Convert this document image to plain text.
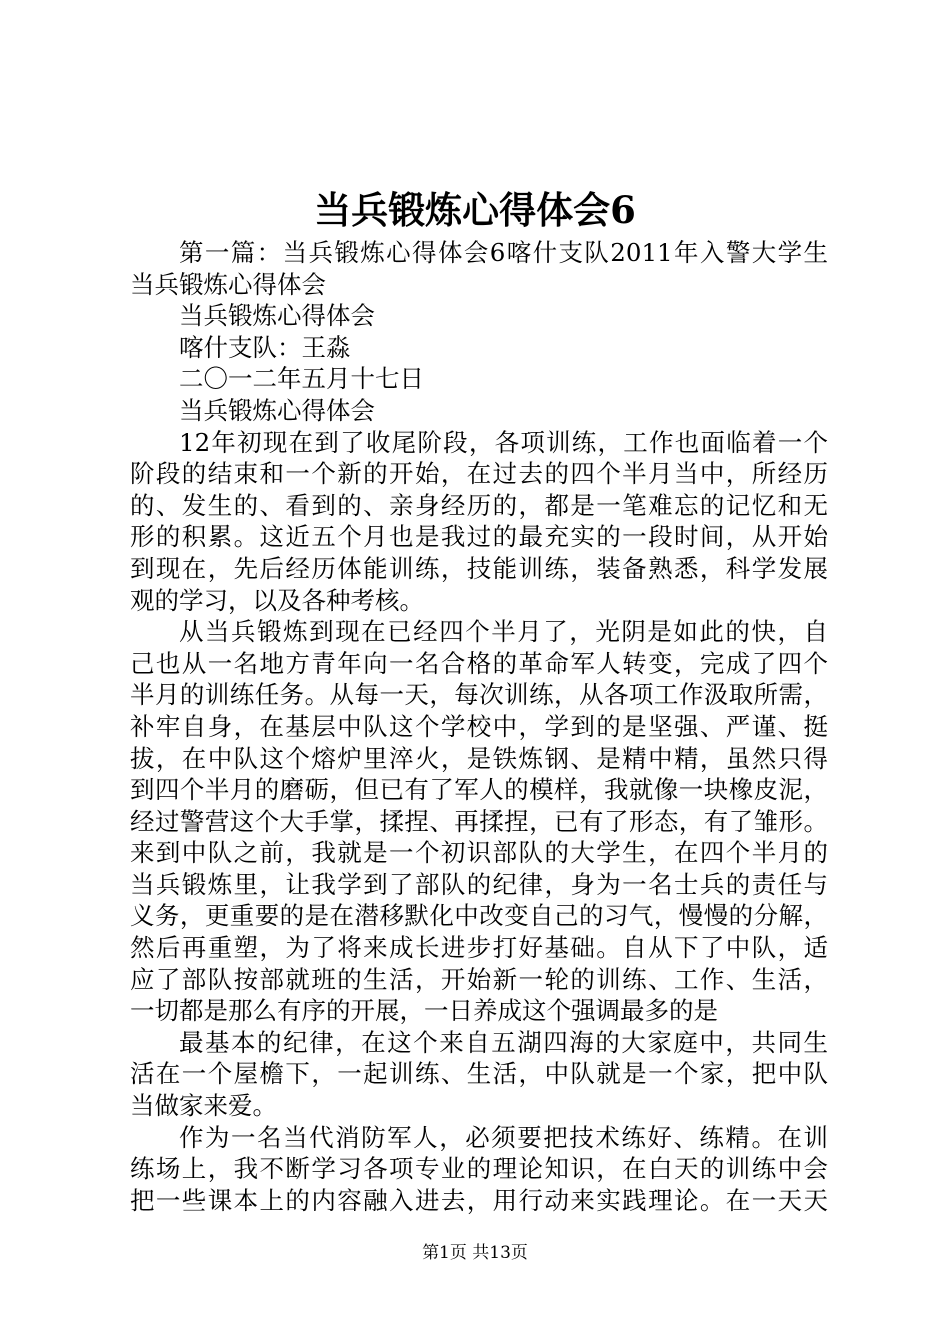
当兵锻炼心得体会6
第一篇：当兵锻炼心得体会6喀什支队2011年入警大学生
当兵锻炼心得体会
当兵锻炼心得体会
喀什支队：王淼
二〇一二年五月十七日
当兵锻炼心得体会
12年初现在到了收尾阶段，各项训练，工作也面临着一个
阶段的结束和一个新的开始，在过去的四个半月当中，所经历
的、发生的、看到的、亲身经历的，都是一笔难忘的记忆和无
形的积累。这近五个月也是我过的最充实的一段时间，从开始
到现在，先后经历体能训练，技能训练，装备熟悉，科学发展
观的学习，以及各种考核。
从当兵锻炼到现在已经四个半月了，光阴是如此的快，自
己也从一名地方青年向一名合格的革命军人转变，完成了四个
半月的训练任务。从每一天，每次训练，从各项工作汲取所需，
补牢自身，在基层中队这个学校中，学到的是坚强、严谨、挺
拔，在中队这个熔炉里淬火，是铁炼钢、是精中精，虽然只得
到四个半月的磨砺，但已有了军人的模样，我就像一块橡皮泥，
经过警营这个大手掌，揉捏、再揉捏，已有了形态，有了雏形。
来到中队之前，我就是一个初识部队的大学生，在四个半月的
当兵锻炼里，让我学到了部队的纪律，身为一名士兵的责任与
义务，更重要的是在潜移默化中改变自己的习气，慢慢的分解，
然后再重塑，为了将来成长进步打好基础。自从下了中队，适
应了部队按部就班的生活，开始新一轮的训练、工作、生活，
一切都是那么有序的开展，一日养成这个强调最多的是
最基本的纪律，在这个来自五湖四海的大家庭中，共同生
活在一个屋檐下，一起训练、生活，中队就是一个家，把中队
当做家来爱。
作为一名当代消防军人，必须要把技术练好、练精。在训
练场上，我不断学习各项专业的理论知识，在白天的训练中会
把一些课本上的内容融入进去，用行动来实践理论。在一天天
第1页 共13页
